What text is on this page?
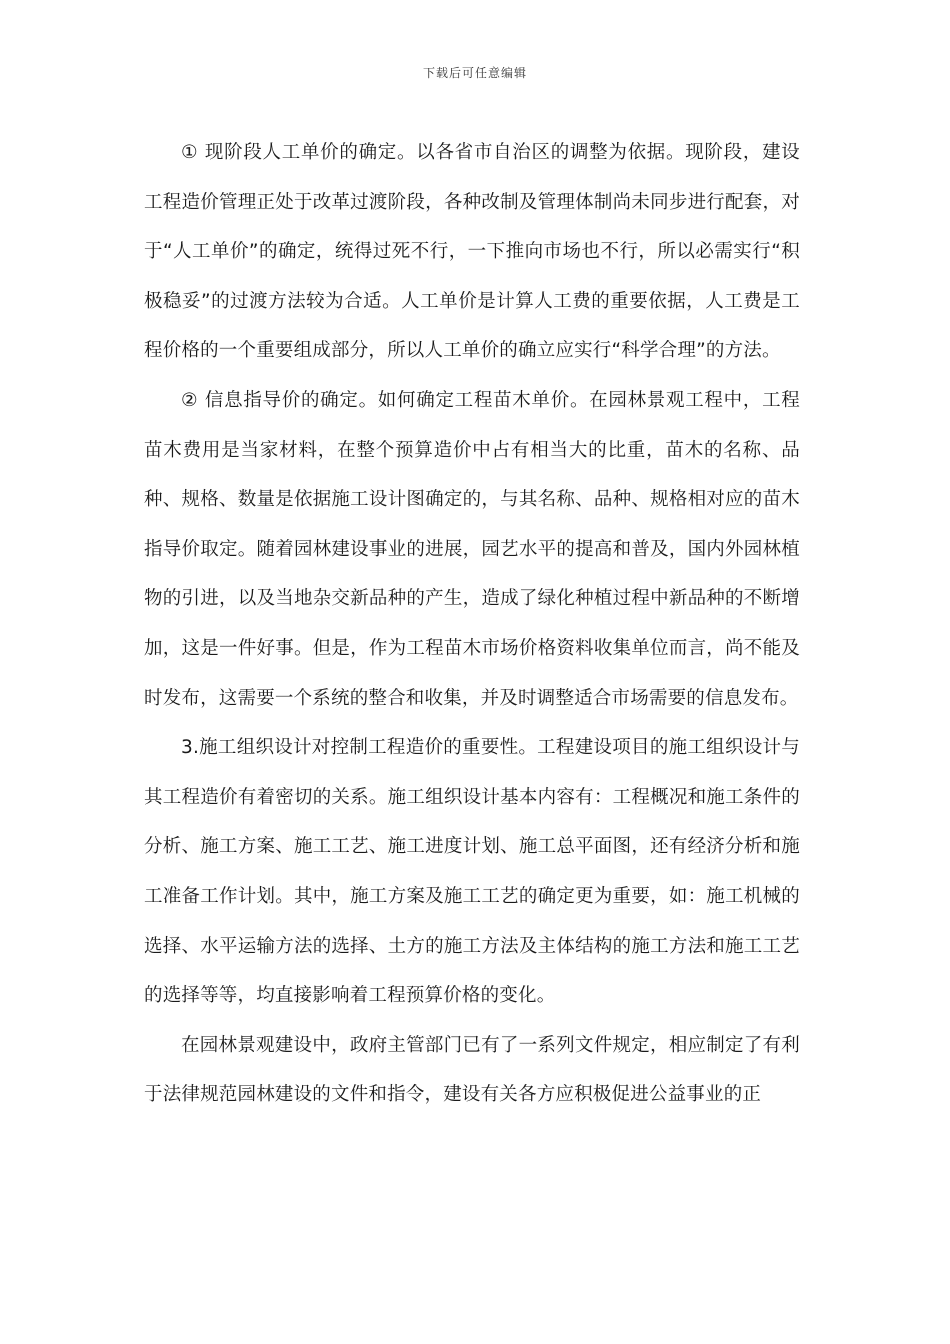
下载后可任意编辑

① 现阶段人工单价的确定。以各省市自治区的调整为依据。现阶段，建设工程造价管理正处于改革过渡阶段，各种改制及管理体制尚未同步进行配套，对于“人工单价”的确定，统得过死不行，一下推向市场也不行，所以必需实行“积极稳妥”的过渡方法较为合适。人工单价是计算人工费的重要依据，人工费是工程价格的一个重要组成部分，所以人工单价的确立应实行“科学合理”的方法。

② 信息指导价的确定。如何确定工程苗木单价。在园林景观工程中，工程苗木费用是当家材料，在整个预算造价中占有相当大的比重，苗木的名称、品种、规格、数量是依据施工设计图确定的，与其名称、品种、规格相对应的苗木指导价取定。随着园林建设事业的进展，园艺水平的提高和普及，国内外园林植物的引进，以及当地杂交新品种的产生，造成了绿化种植过程中新品种的不断增加，这是一件好事。但是，作为工程苗木市场价格资料收集单位而言，尚不能及时发布，这需要一个系统的整合和收集，并及时调整适合市场需要的信息发布。

3.施工组织设计对控制工程造价的重要性。工程建设项目的施工组织设计与其工程造价有着密切的关系。施工组织设计基本内容有：工程概况和施工条件的分析、施工方案、施工工艺、施工进度计划、施工总平面图，还有经济分析和施工准备工作计划。其中，施工方案及施工工艺的确定更为重要，如：施工机械的选择、水平运输方法的选择、土方的施工方法及主体结构的施工方法和施工工艺的选择等等，均直接影响着工程预算价格的变化。

在园林景观建设中，政府主管部门已有了一系列文件规定，相应制定了有利于法律规范园林建设的文件和指令，建设有关各方应积极促进公益事业的正
